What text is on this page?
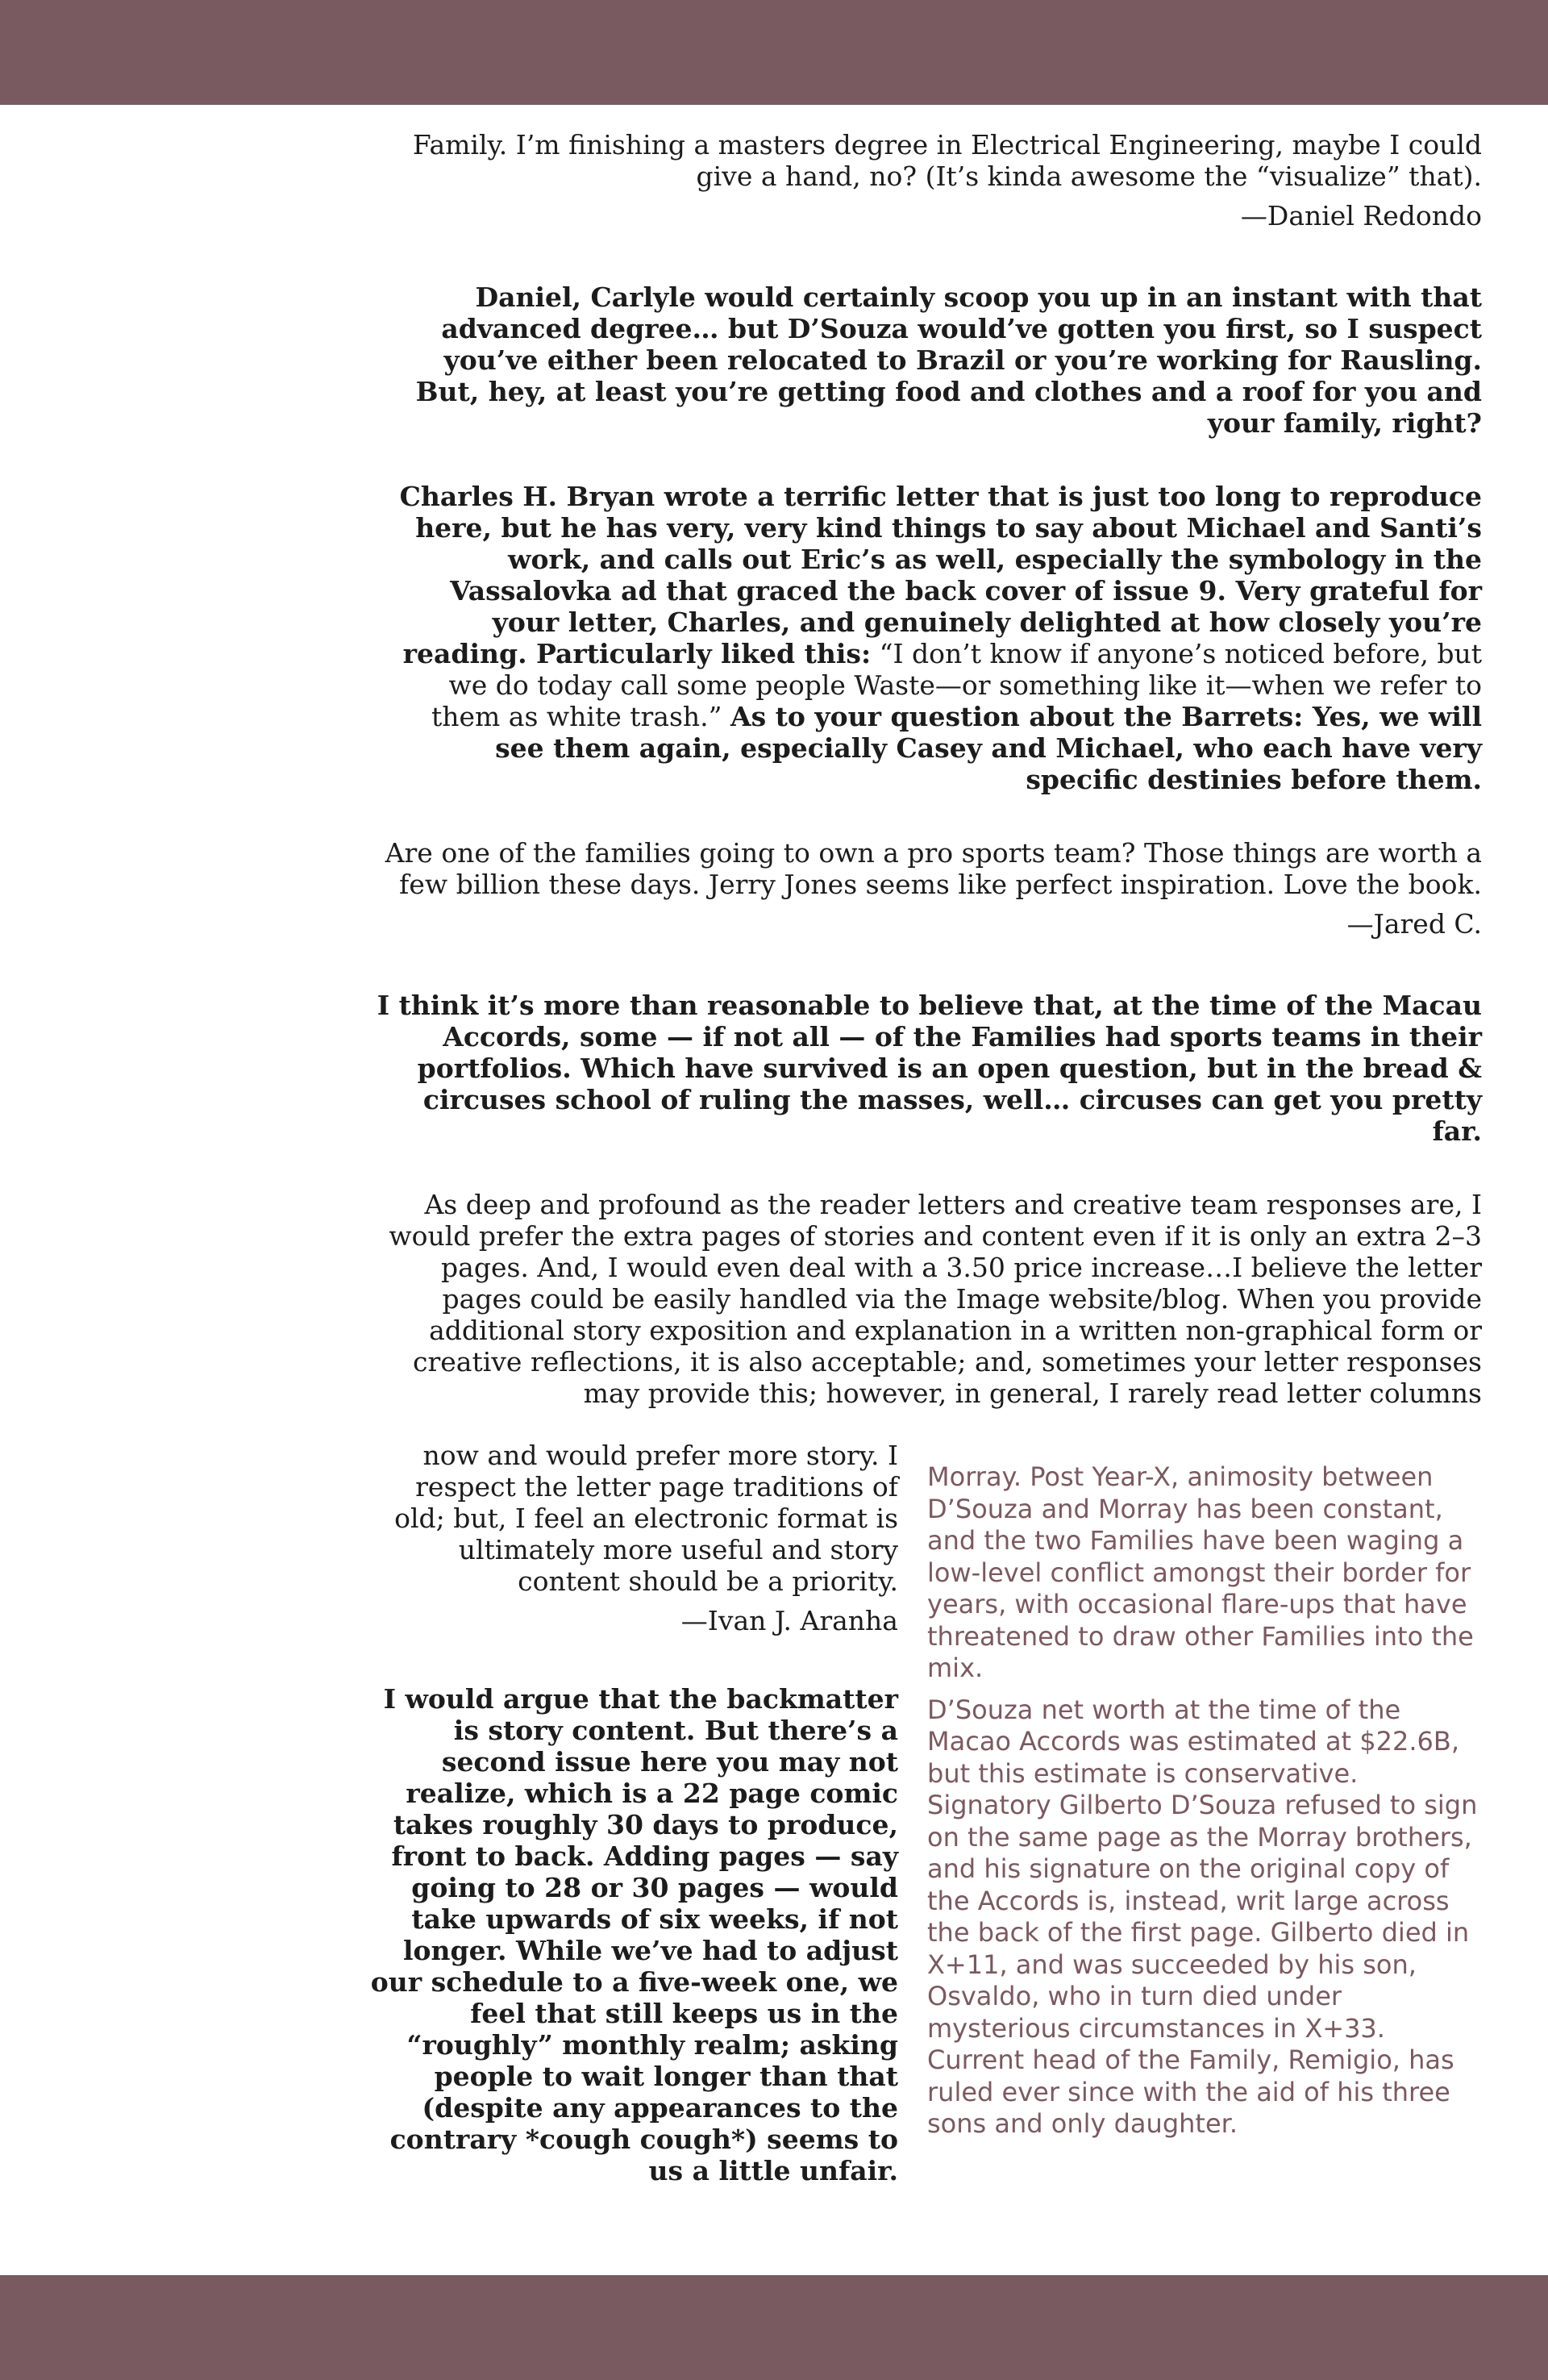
Family. I’m finishing a masters degree in Electrical Engineering, maybe I could give a hand, no? (It’s kinda awesome the “visualize” that).

—Daniel Redondo

Daniel, Carlyle would certainly scoop you up in an instant with that advanced degree… but D’Souza would’ve gotten you first, so I suspect you’ve either been relocated to Brazil or you’re working for Rausling. But, hey, at least you’re getting food and clothes and a roof for you and your family, right?

Charles H. Bryan wrote a terrific letter that is just too long to reproduce here, but he has very, very kind things to say about Michael and Santi’s work, and calls out Eric’s as well, especially the symbology in the Vassalovka ad that graced the back cover of issue 9. Very grateful for your letter, Charles, and genuinely delighted at how closely you’re reading. Particularly liked this: “I don’t know if anyone’s noticed before, but we do today call some people Waste—or something like it—when we refer to them as white trash.” As to your question about the Barrets: Yes, we will see them again, especially Casey and Michael, who each have very specific destinies before them.

Are one of the families going to own a pro sports team? Those things are worth a few billion these days. Jerry Jones seems like perfect inspiration. Love the book.

—Jared C.

I think it’s more than reasonable to believe that, at the time of the Macau Accords, some — if not all — of the Families had sports teams in their portfolios. Which have survived is an open question, but in the bread & circuses school of ruling the masses, well… circuses can get you pretty far.

As deep and profound as the reader letters and creative team responses are, I would prefer the extra pages of stories and content even if it is only an extra 2–3 pages. And, I would even deal with a 3.50 price increase…I believe the letter pages could be easily handled via the Image website/blog. When you provide additional story exposition and explanation in a written non-graphical form or creative reflections, it is also acceptable; and, sometimes your letter responses may provide this; however, in general, I rarely read letter columns

now and would prefer more story. I respect the letter page traditions of old; but, I feel an electronic format is ultimately more useful and story content should be a priority.

—Ivan J. Aranha

I would argue that the backmatter is story content. But there’s a second issue here you may not realize, which is a 22 page comic takes roughly 30 days to produce, front to back. Adding pages — say going to 28 or 30 pages — would take upwards of six weeks, if not longer. While we’ve had to adjust our schedule to a five-week one, we feel that still keeps us in the “roughly” monthly realm; asking people to wait longer than that (despite any appearances to the contrary *cough cough*) seems to us a little unfair.

Morray. Post Year-X, animosity between D’Souza and Morray has been constant, and the two Families have been waging a low-level conflict amongst their border for years, with occasional flare-ups that have threatened to draw other Families into the mix.

D’Souza net worth at the time of the Macao Accords was estimated at $22.6B, but this estimate is conservative. Signatory Gilberto D’Souza refused to sign on the same page as the Morray brothers, and his signature on the original copy of the Accords is, instead, writ large across the back of the first page. Gilberto died in X+11, and was succeeded by his son, Osvaldo, who in turn died under mysterious circumstances in X+33. Current head of the Family, Remigio, has ruled ever since with the aid of his three sons and only daughter.
